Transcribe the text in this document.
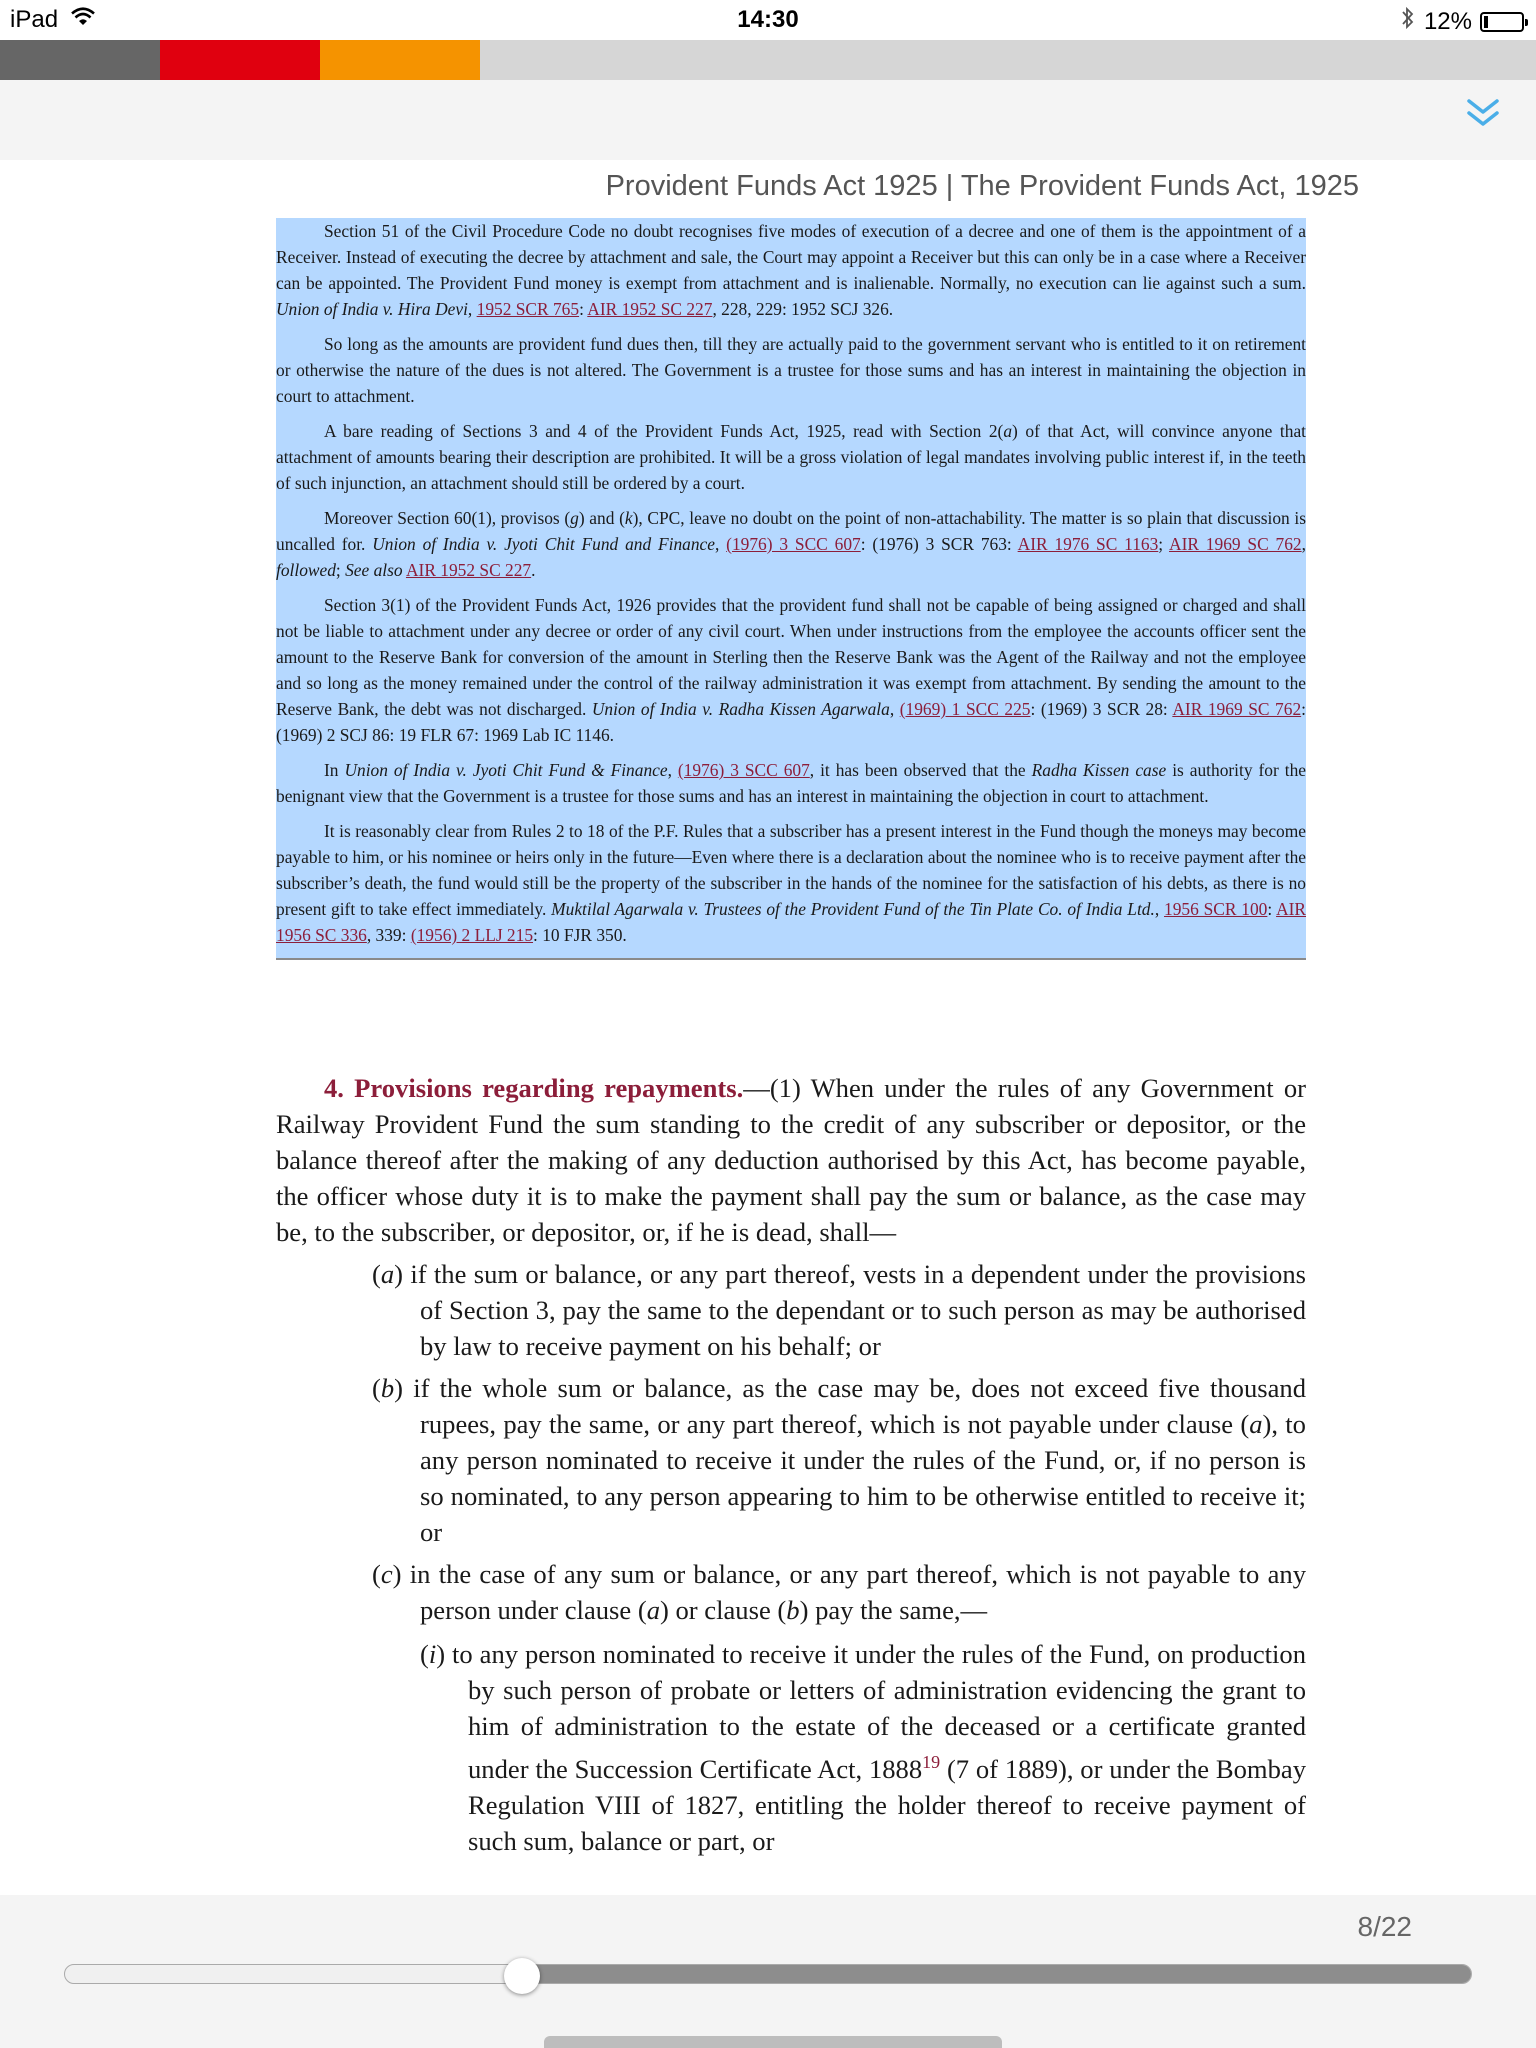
iPad	14:30	12%
Provident Funds Act 1925 | The Provident Funds Act, 1925

Section 51 of the Civil Procedure Code no doubt recognises five modes of execution of a decree and one of them is the appointment of a Receiver. Instead of executing the decree by attachment and sale, the Court may appoint a Receiver but this can only be in a case where a Receiver can be appointed. The Provident Fund money is exempt from attachment and is inalienable. Normally, no execution can lie against such a sum. Union of India v. Hira Devi, 1952 SCR 765: AIR 1952 SC 227, 228, 229: 1952 SCJ 326.

So long as the amounts are provident fund dues then, till they are actually paid to the government servant who is entitled to it on retirement or otherwise the nature of the dues is not altered. The Government is a trustee for those sums and has an interest in maintaining the objection in court to attachment.

A bare reading of Sections 3 and 4 of the Provident Funds Act, 1925, read with Section 2(a) of that Act, will convince anyone that attachment of amounts bearing their description are prohibited. It will be a gross violation of legal mandates involving public interest if, in the teeth of such injunction, an attachment should still be ordered by a court.

Moreover Section 60(1), provisos (g) and (k), CPC, leave no doubt on the point of non-attachability. The matter is so plain that discussion is uncalled for. Union of India v. Jyoti Chit Fund and Finance, (1976) 3 SCC 607: (1976) 3 SCR 763: AIR 1976 SC 1163; AIR 1969 SC 762, followed; See also AIR 1952 SC 227.

Section 3(1) of the Provident Funds Act, 1926 provides that the provident fund shall not be capable of being assigned or charged and shall not be liable to attachment under any decree or order of any civil court. When under instructions from the employee the accounts officer sent the amount to the Reserve Bank for conversion of the amount in Sterling then the Reserve Bank was the Agent of the Railway and not the employee and so long as the money remained under the control of the railway administration it was exempt from attachment. By sending the amount to the Reserve Bank, the debt was not discharged. Union of India v. Radha Kissen Agarwala, (1969) 1 SCC 225: (1969) 3 SCR 28: AIR 1969 SC 762: (1969) 2 SCJ 86: 19 FLR 67: 1969 Lab IC 1146.

In Union of India v. Jyoti Chit Fund & Finance, (1976) 3 SCC 607, it has been observed that the Radha Kissen case is authority for the benignant view that the Government is a trustee for those sums and has an interest in maintaining the objection in court to attachment.

It is reasonably clear from Rules 2 to 18 of the P.F. Rules that a subscriber has a present interest in the Fund though the moneys may become payable to him, or his nominee or heirs only in the future—Even where there is a declaration about the nominee who is to receive payment after the subscriber’s death, the fund would still be the property of the subscriber in the hands of the nominee for the satisfaction of his debts, as there is no present gift to take effect immediately. Muktilal Agarwala v. Trustees of the Provident Fund of the Tin Plate Co. of India Ltd., 1956 SCR 100: AIR 1956 SC 336, 339: (1956) 2 LLJ 215: 10 FJR 350.

4. Provisions regarding repayments.—(1) When under the rules of any Government or Railway Provident Fund the sum standing to the credit of any subscriber or depositor, or the balance thereof after the making of any deduction authorised by this Act, has become payable, the officer whose duty it is to make the payment shall pay the sum or balance, as the case may be, to the subscriber, or depositor, or, if he is dead, shall—

(a) if the sum or balance, or any part thereof, vests in a dependent under the provisions of Section 3, pay the same to the dependant or to such person as may be authorised by law to receive payment on his behalf; or

(b) if the whole sum or balance, as the case may be, does not exceed five thousand rupees, pay the same, or any part thereof, which is not payable under clause (a), to any person nominated to receive it under the rules of the Fund, or, if no person is so nominated, to any person appearing to him to be otherwise entitled to receive it; or

(c) in the case of any sum or balance, or any part thereof, which is not payable to any person under clause (a) or clause (b) pay the same,—

(i) to any person nominated to receive it under the rules of the Fund, on production by such person of probate or letters of administration evidencing the grant to him of administration to the estate of the deceased or a certificate granted under the Succession Certificate Act, 1888$^{19}$ (7 of 1889), or under the Bombay Regulation VIII of 1827, entitling the holder thereof to receive payment of such sum, balance or part, or

8/22
